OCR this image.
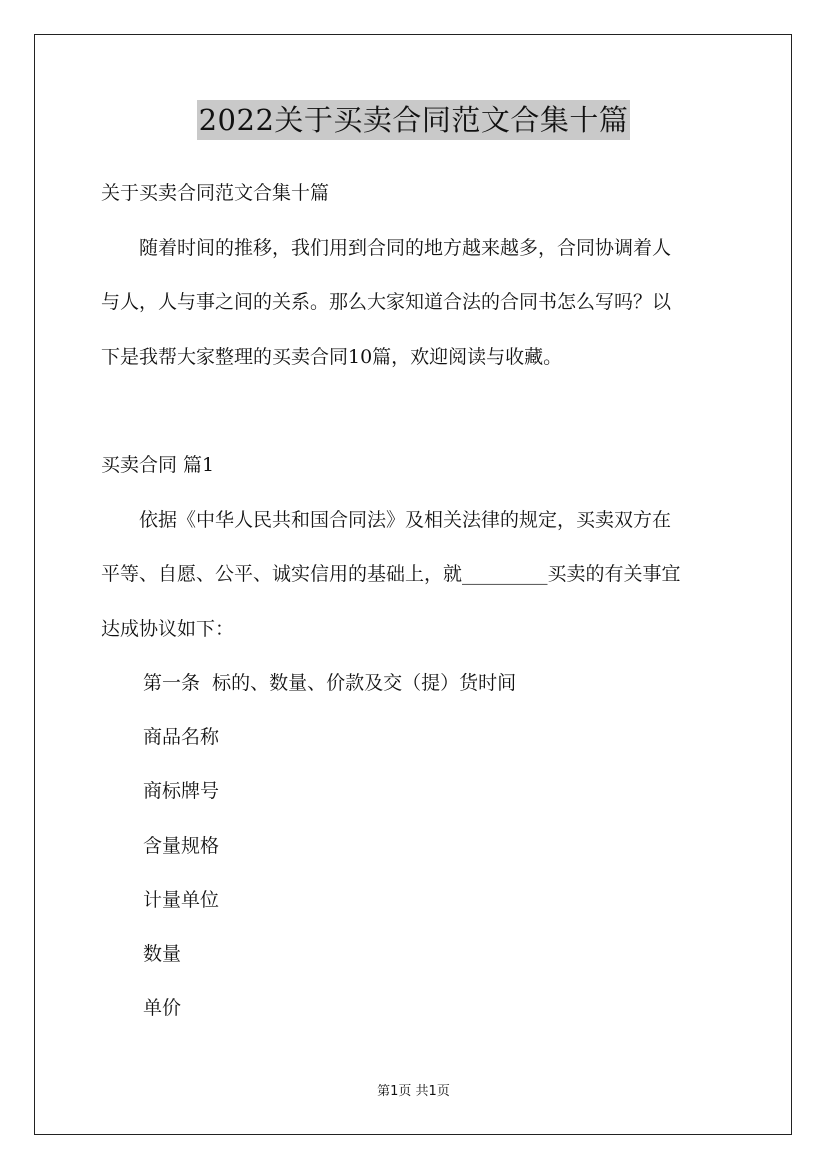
2022关于买卖合同范文合集十篇
关于买卖合同范文合集十篇
　　随着时间的推移，我们用到合同的地方越来越多，合同协调着人
与人，人与事之间的关系。那么大家知道合法的合同书怎么写吗？以
下是我帮大家整理的买卖合同10篇，欢迎阅读与收藏。
买卖合同 篇1
　　依据《中华人民共和国合同法》及相关法律的规定，买卖双方在
平等、自愿、公平、诚实信用的基础上，就_________买卖的有关事宜
达成协议如下：
第一条  标的、数量、价款及交（提）货时间
商品名称
商标牌号
含量规格
计量单位
数量
单价
第1页 共1页
